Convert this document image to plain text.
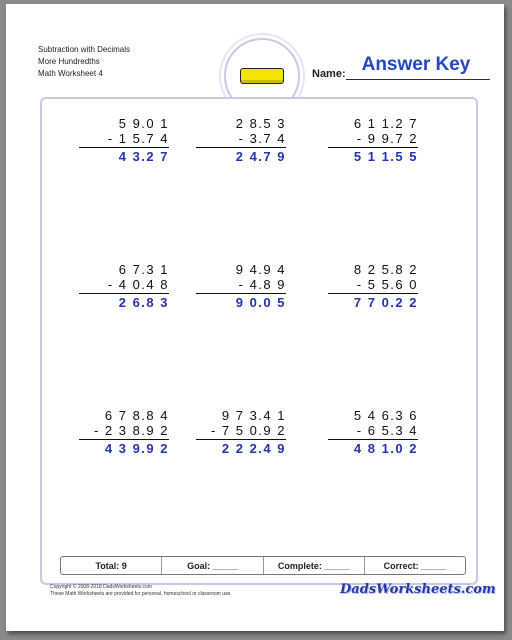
Subtraction with Decimals
More Hundredths
Math Worksheet 4	Name: Answer Key
5 9.0 1
- 1 5.7 4
4 3.2 7
2 8.5 3
- 3.7 4
2 4.7 9
6 1 1.2 7
- 9 9.7 2
5 1 1.5 5
6 7.3 1
- 4 0.4 8
2 6.8 3
9 4.9 4
- 4.8 9
9 0.0 5
8 2 5.8 2
- 5 5.6 0
7 7 0.2 2
6 7 8.8 4
- 2 3 8.9 2
4 3 9.9 2
9 7 3.4 1
- 7 5 0.9 2
2 2 2.4 9
5 4 6.3 6
- 6 5.3 4
4 8 1.0 2
Total: 9	Goal: _____	Complete: _____	Correct: _____
Copyright © 2008-2018 DadsWorksheets.com
These Math Worksheets are provided for personal, homeschool or classroom use.	DadsWorksheets.com
